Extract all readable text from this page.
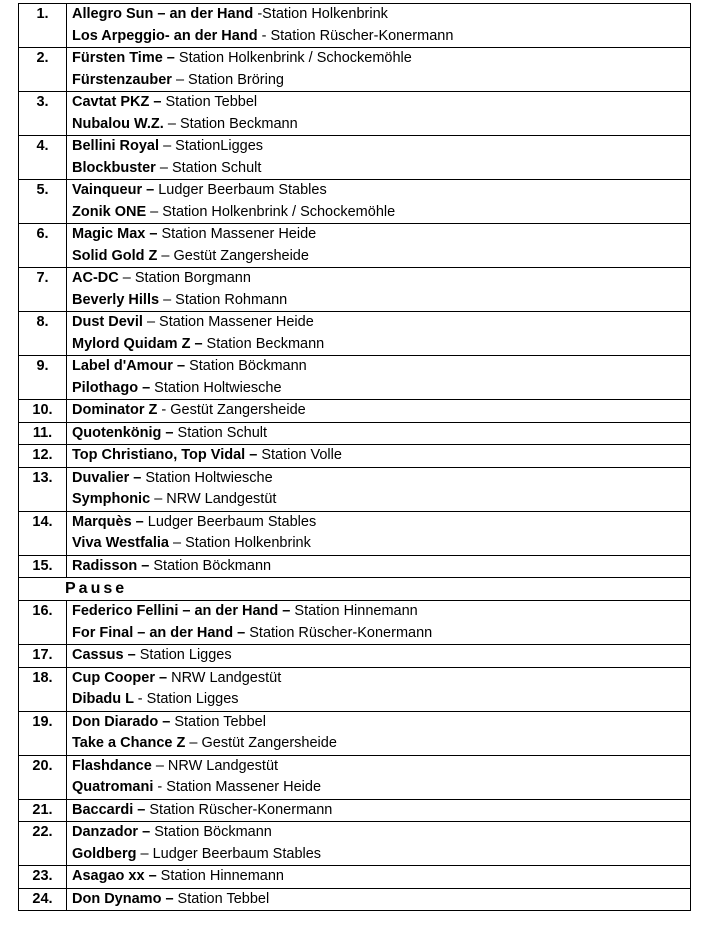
1.	Allegro Sun – an der Hand -Station Holkenbrink
Los Arpeggio- an der Hand - Station Rüscher-Konermann

2.	Fürsten Time – Station Holkenbrink / Schockemöhle
Fürstenzauber – Station Bröring

3.	Cavtat PKZ – Station Tebbel
Nubalou W.Z. – Station Beckmann

4.	Bellini Royal – StationLigges
Blockbuster – Station Schult

5.	Vainqueur – Ludger Beerbaum Stables
Zonik ONE – Station Holkenbrink / Schockemöhle

6.	Magic Max – Station Massener Heide
Solid Gold Z – Gestüt Zangersheide

7.	AC-DC – Station Borgmann
Beverly Hills – Station Rohmann

8.	Dust Devil – Station Massener Heide
Mylord Quidam Z – Station Beckmann

9.	Label d'Amour – Station Böckmann
Pilothago – Station Holtwiesche

10.	Dominator Z - Gestüt Zangersheide

11.	Quotenkönig – Station Schult

12.	Top Christiano, Top Vidal – Station Volle

13.	Duvalier – Station Holtwiesche
Symphonic – NRW Landgestüt

14.	Marquès – Ludger Beerbaum Stables
Viva Westfalia – Station Holkenbrink

15.	Radisson – Station Böckmann

Pause	
16.	Federico Fellini – an der Hand – Station Hinnemann
For Final – an der Hand – Station Rüscher-Konermann

17.	Cassus – Station Ligges

18.	Cup Cooper – NRW Landgestüt
Dibadu L - Station Ligges

19.	Don Diarado – Station Tebbel
Take a Chance Z – Gestüt Zangersheide

20.	Flashdance – NRW Landgestüt
Quatromani - Station Massener Heide

21.	Baccardi – Station Rüscher-Konermann

22.	Danzador – Station Böckmann
Goldberg – Ludger Beerbaum Stables

23.	Asagao xx – Station Hinnemann

24.	Don Dynamo – Station Tebbel
